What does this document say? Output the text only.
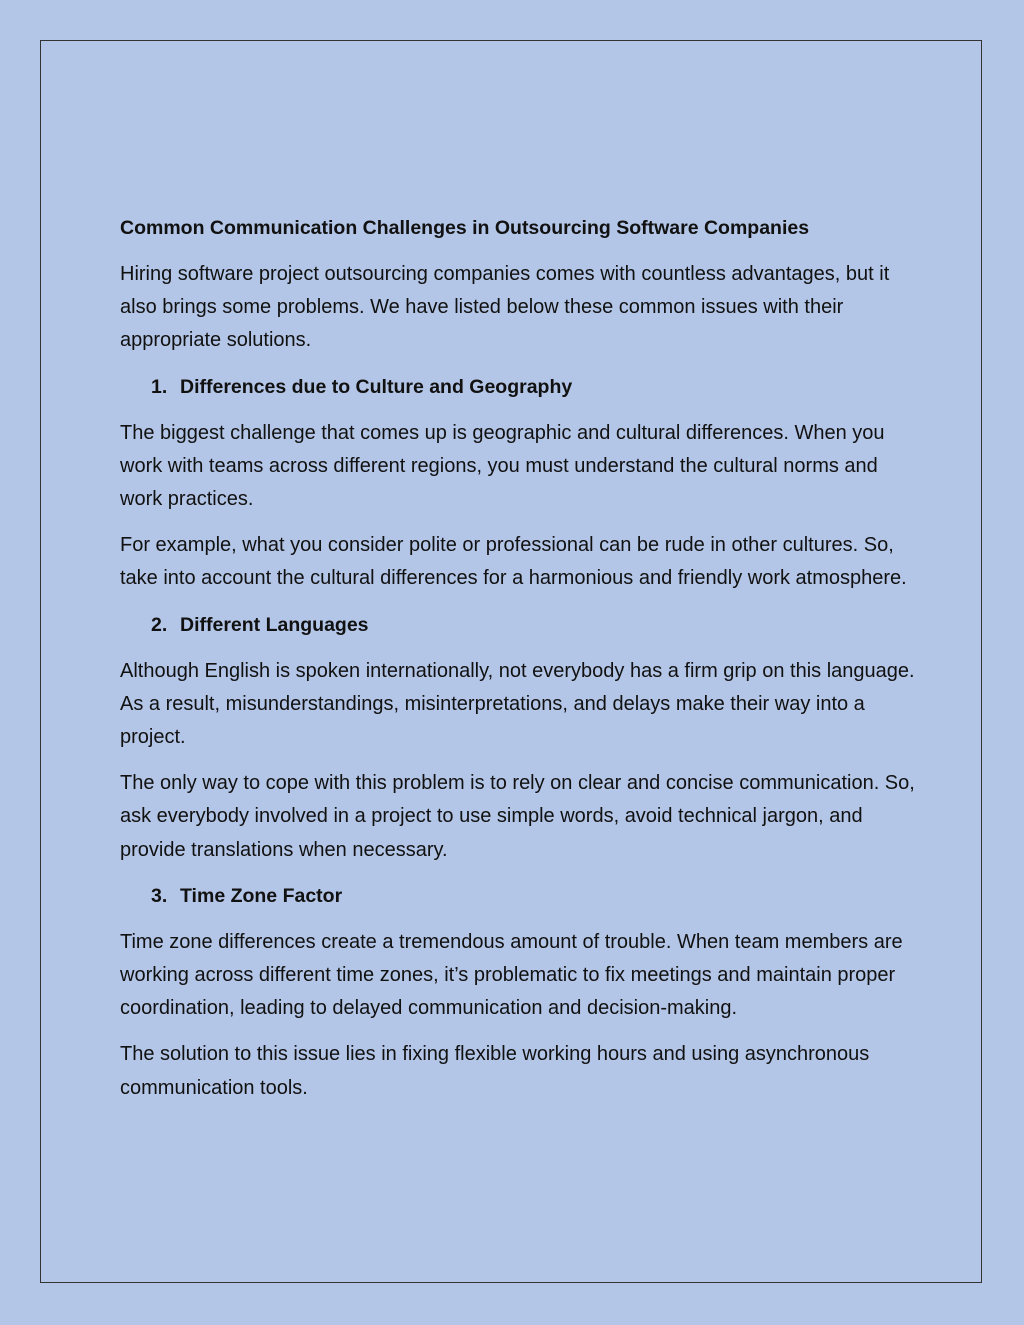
Common Communication Challenges in Outsourcing Software Companies

Hiring software project outsourcing companies comes with countless advantages, but it also brings some problems. We have listed below these common issues with their appropriate solutions.

1. Differences due to Culture and Geography

The biggest challenge that comes up is geographic and cultural differences. When you work with teams across different regions, you must understand the cultural norms and work practices.

For example, what you consider polite or professional can be rude in other cultures. So, take into account the cultural differences for a harmonious and friendly work atmosphere.

2. Different Languages

Although English is spoken internationally, not everybody has a firm grip on this language. As a result, misunderstandings, misinterpretations, and delays make their way into a project.

The only way to cope with this problem is to rely on clear and concise communication. So, ask everybody involved in a project to use simple words, avoid technical jargon, and provide translations when necessary.

3. Time Zone Factor

Time zone differences create a tremendous amount of trouble. When team members are working across different time zones, it’s problematic to fix meetings and maintain proper coordination, leading to delayed communication and decision-making.

The solution to this issue lies in fixing flexible working hours and using asynchronous communication tools.
